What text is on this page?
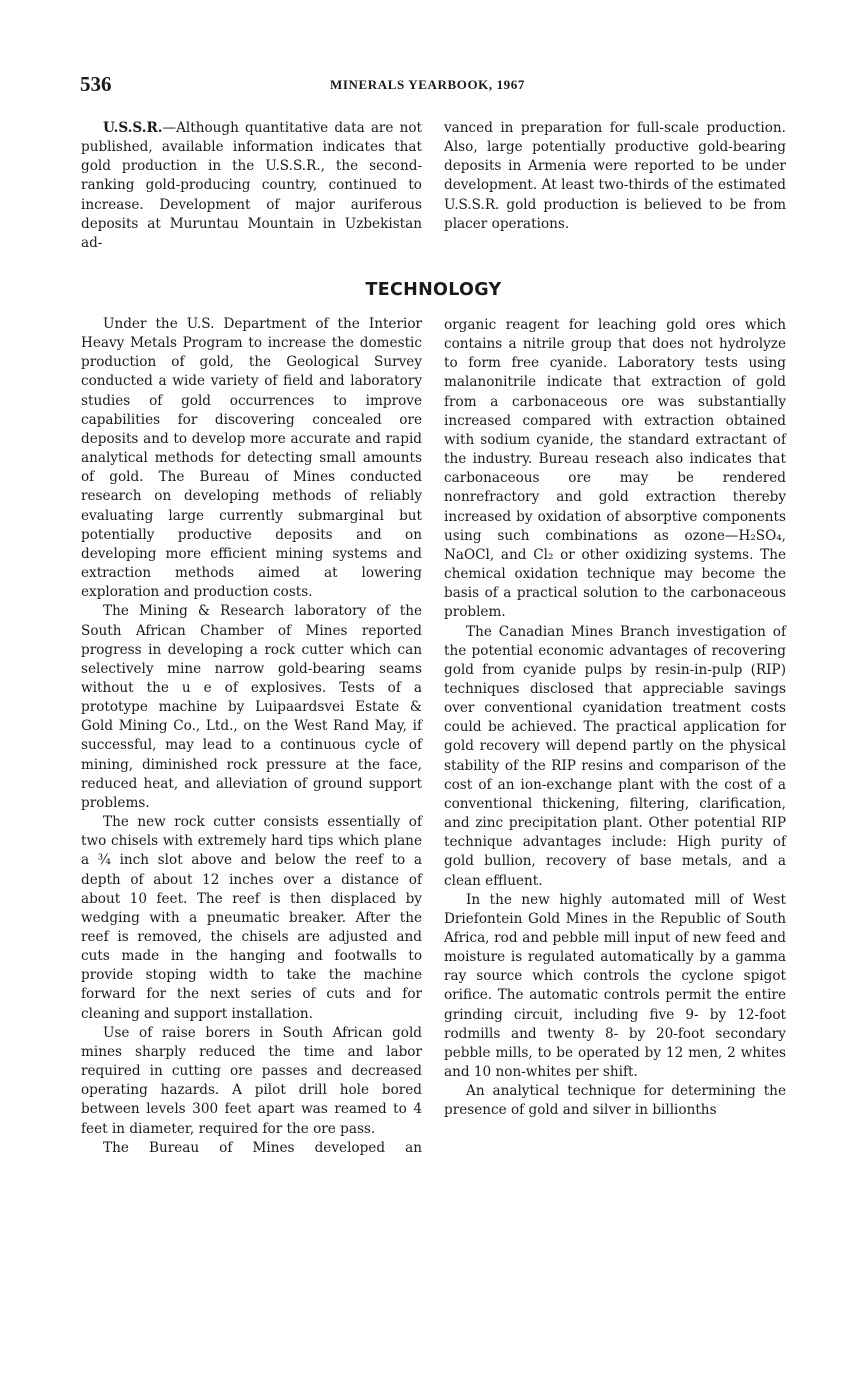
536	MINERALS YEARBOOK, 1967

U.S.S.R.—Although quantitative data are not published, available information indicates that gold production in the U.S.S.R., the second-ranking gold-producing country, continued to increase. Development of major auriferous deposits at Muruntau Mountain in Uzbekistan ad-

vanced in preparation for full-scale production. Also, large potentially productive gold-bearing deposits in Armenia were reported to be under development. At least two-thirds of the estimated U.S.S.R. gold production is believed to be from placer operations.

TECHNOLOGY

Under the U.S. Department of the Interior Heavy Metals Program to increase the domestic production of gold, the Geological Survey conducted a wide variety of field and laboratory studies of gold occurrences to improve capabilities for discovering concealed ore deposits and to develop more accurate and rapid analytical methods for detecting small amounts of gold. The Bureau of Mines conducted research on developing methods of reliably evaluating large currently submarginal but potentially productive deposits and on developing more efficient mining systems and extraction methods aimed at lowering exploration and production costs.

The Mining & Research laboratory of the South African Chamber of Mines reported progress in developing a rock cutter which can selectively mine narrow gold-bearing seams without the u e of explosives. Tests of a prototype machine by Luipaardsvei Estate & Gold Mining Co., Ltd., on the West Rand May, if successful, may lead to a continuous cycle of mining, diminished rock pressure at the face, reduced heat, and alleviation of ground support problems.

The new rock cutter consists essentially of two chisels with extremely hard tips which plane a ¾ inch slot above and below the reef to a depth of about 12 inches over a distance of about 10 feet. The reef is then displaced by wedging with a pneumatic breaker. After the reef is removed, the chisels are adjusted and cuts made in the hanging and footwalls to provide stoping width to take the machine forward for the next series of cuts and for cleaning and support installation.

Use of raise borers in South African gold mines sharply reduced the time and labor required in cutting ore passes and decreased operating hazards. A pilot drill hole bored between levels 300 feet apart was reamed to 4 feet in diameter, required for the ore pass.

The Bureau of Mines developed an

organic reagent for leaching gold ores which contains a nitrile group that does not hydrolyze to form free cyanide. Laboratory tests using malanonitrile indicate that extraction of gold from a carbonaceous ore was substantially increased compared with extraction obtained with sodium cyanide, the standard extractant of the industry. Bureau reseach also indicates that carbonaceous ore may be rendered nonrefractory and gold extraction thereby increased by oxidation of absorptive components using such combinations as ozone—H₂SO₄, NaOCl, and Cl₂ or other oxidizing systems. The chemical oxidation technique may become the basis of a practical solution to the carbonaceous problem.

The Canadian Mines Branch investigation of the potential economic advantages of recovering gold from cyanide pulps by resin-in-pulp (RIP) techniques disclosed that appreciable savings over conventional cyanidation treatment costs could be achieved. The practical application for gold recovery will depend partly on the physical stability of the RIP resins and comparison of the cost of an ion-exchange plant with the cost of a conventional thickening, filtering, clarification, and zinc precipitation plant. Other potential RIP technique advantages include: High purity of gold bullion, recovery of base metals, and a clean effluent.

In the new highly automated mill of West Driefontein Gold Mines in the Republic of South Africa, rod and pebble mill input of new feed and moisture is regulated automatically by a gamma ray source which controls the cyclone spigot orifice. The automatic controls permit the entire grinding circuit, including five 9- by 12-foot rodmills and twenty 8- by 20-foot secondary pebble mills, to be operated by 12 men, 2 whites and 10 non-whites per shift.

An analytical technique for determining the presence of gold and silver in billionths
